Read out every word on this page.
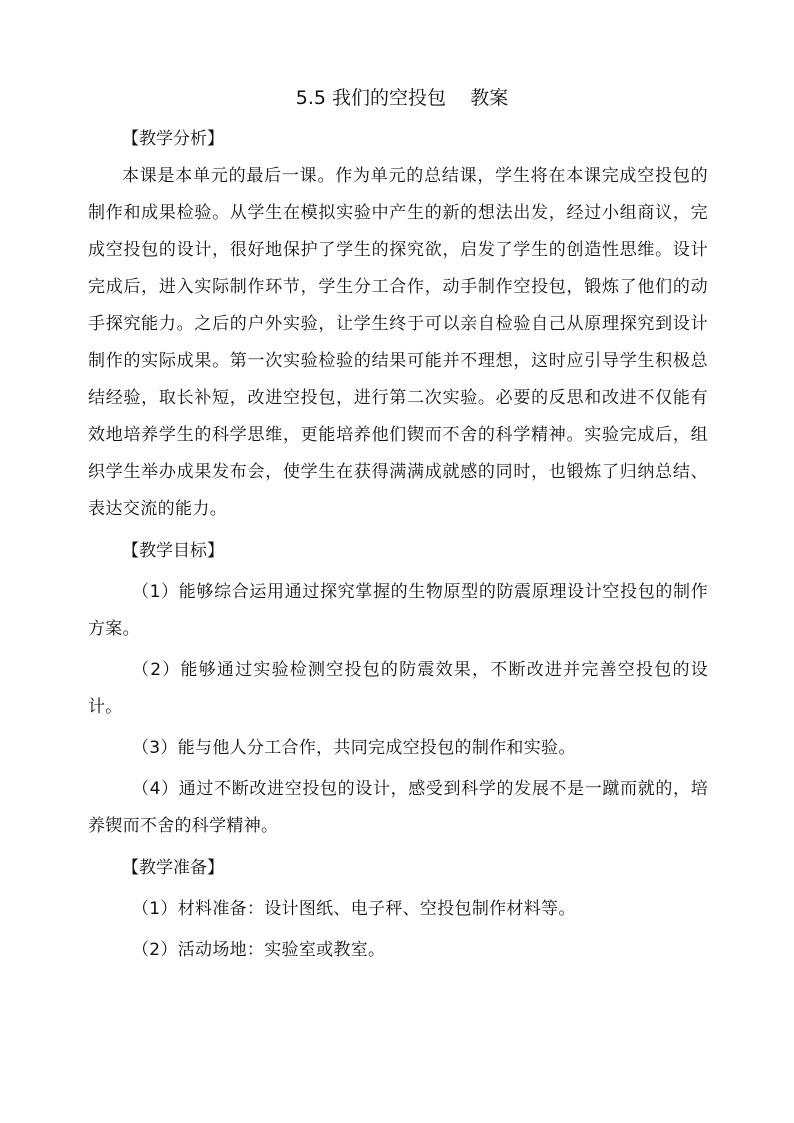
5.5 我们的空投包    教案
【教学分析】

本课是本单元的最后一课。作为单元的总结课，学生将在本课完成空投包的制作和成果检验。从学生在模拟实验中产生的新的想法出发，经过小组商议，完成空投包的设计，很好地保护了学生的探究欲，启发了学生的创造性思维。设计完成后，进入实际制作环节，学生分工合作，动手制作空投包，锻炼了他们的动手探究能力。之后的户外实验，让学生终于可以亲自检验自己从原理探究到设计制作的实际成果。第一次实验检验的结果可能并不理想，这时应引导学生积极总结经验，取长补短，改进空投包，进行第二次实验。必要的反思和改进不仅能有效地培养学生的科学思维，更能培养他们锲而不舍的科学精神。实验完成后，组织学生举办成果发布会，使学生在获得满满成就感的同时，也锻炼了归纳总结、表达交流的能力。

【教学目标】

（1）能够综合运用通过探究掌握的生物原型的防震原理设计空投包的制作方案。

（2）能够通过实验检测空投包的防震效果，不断改进并完善空投包的设计。

（3）能与他人分工合作，共同完成空投包的制作和实验。

（4）通过不断改进空投包的设计，感受到科学的发展不是一蹴而就的，培养锲而不舍的科学精神。

【教学准备】

（1）材料准备：设计图纸、电子秤、空投包制作材料等。

（2）活动场地：实验室或教室。
